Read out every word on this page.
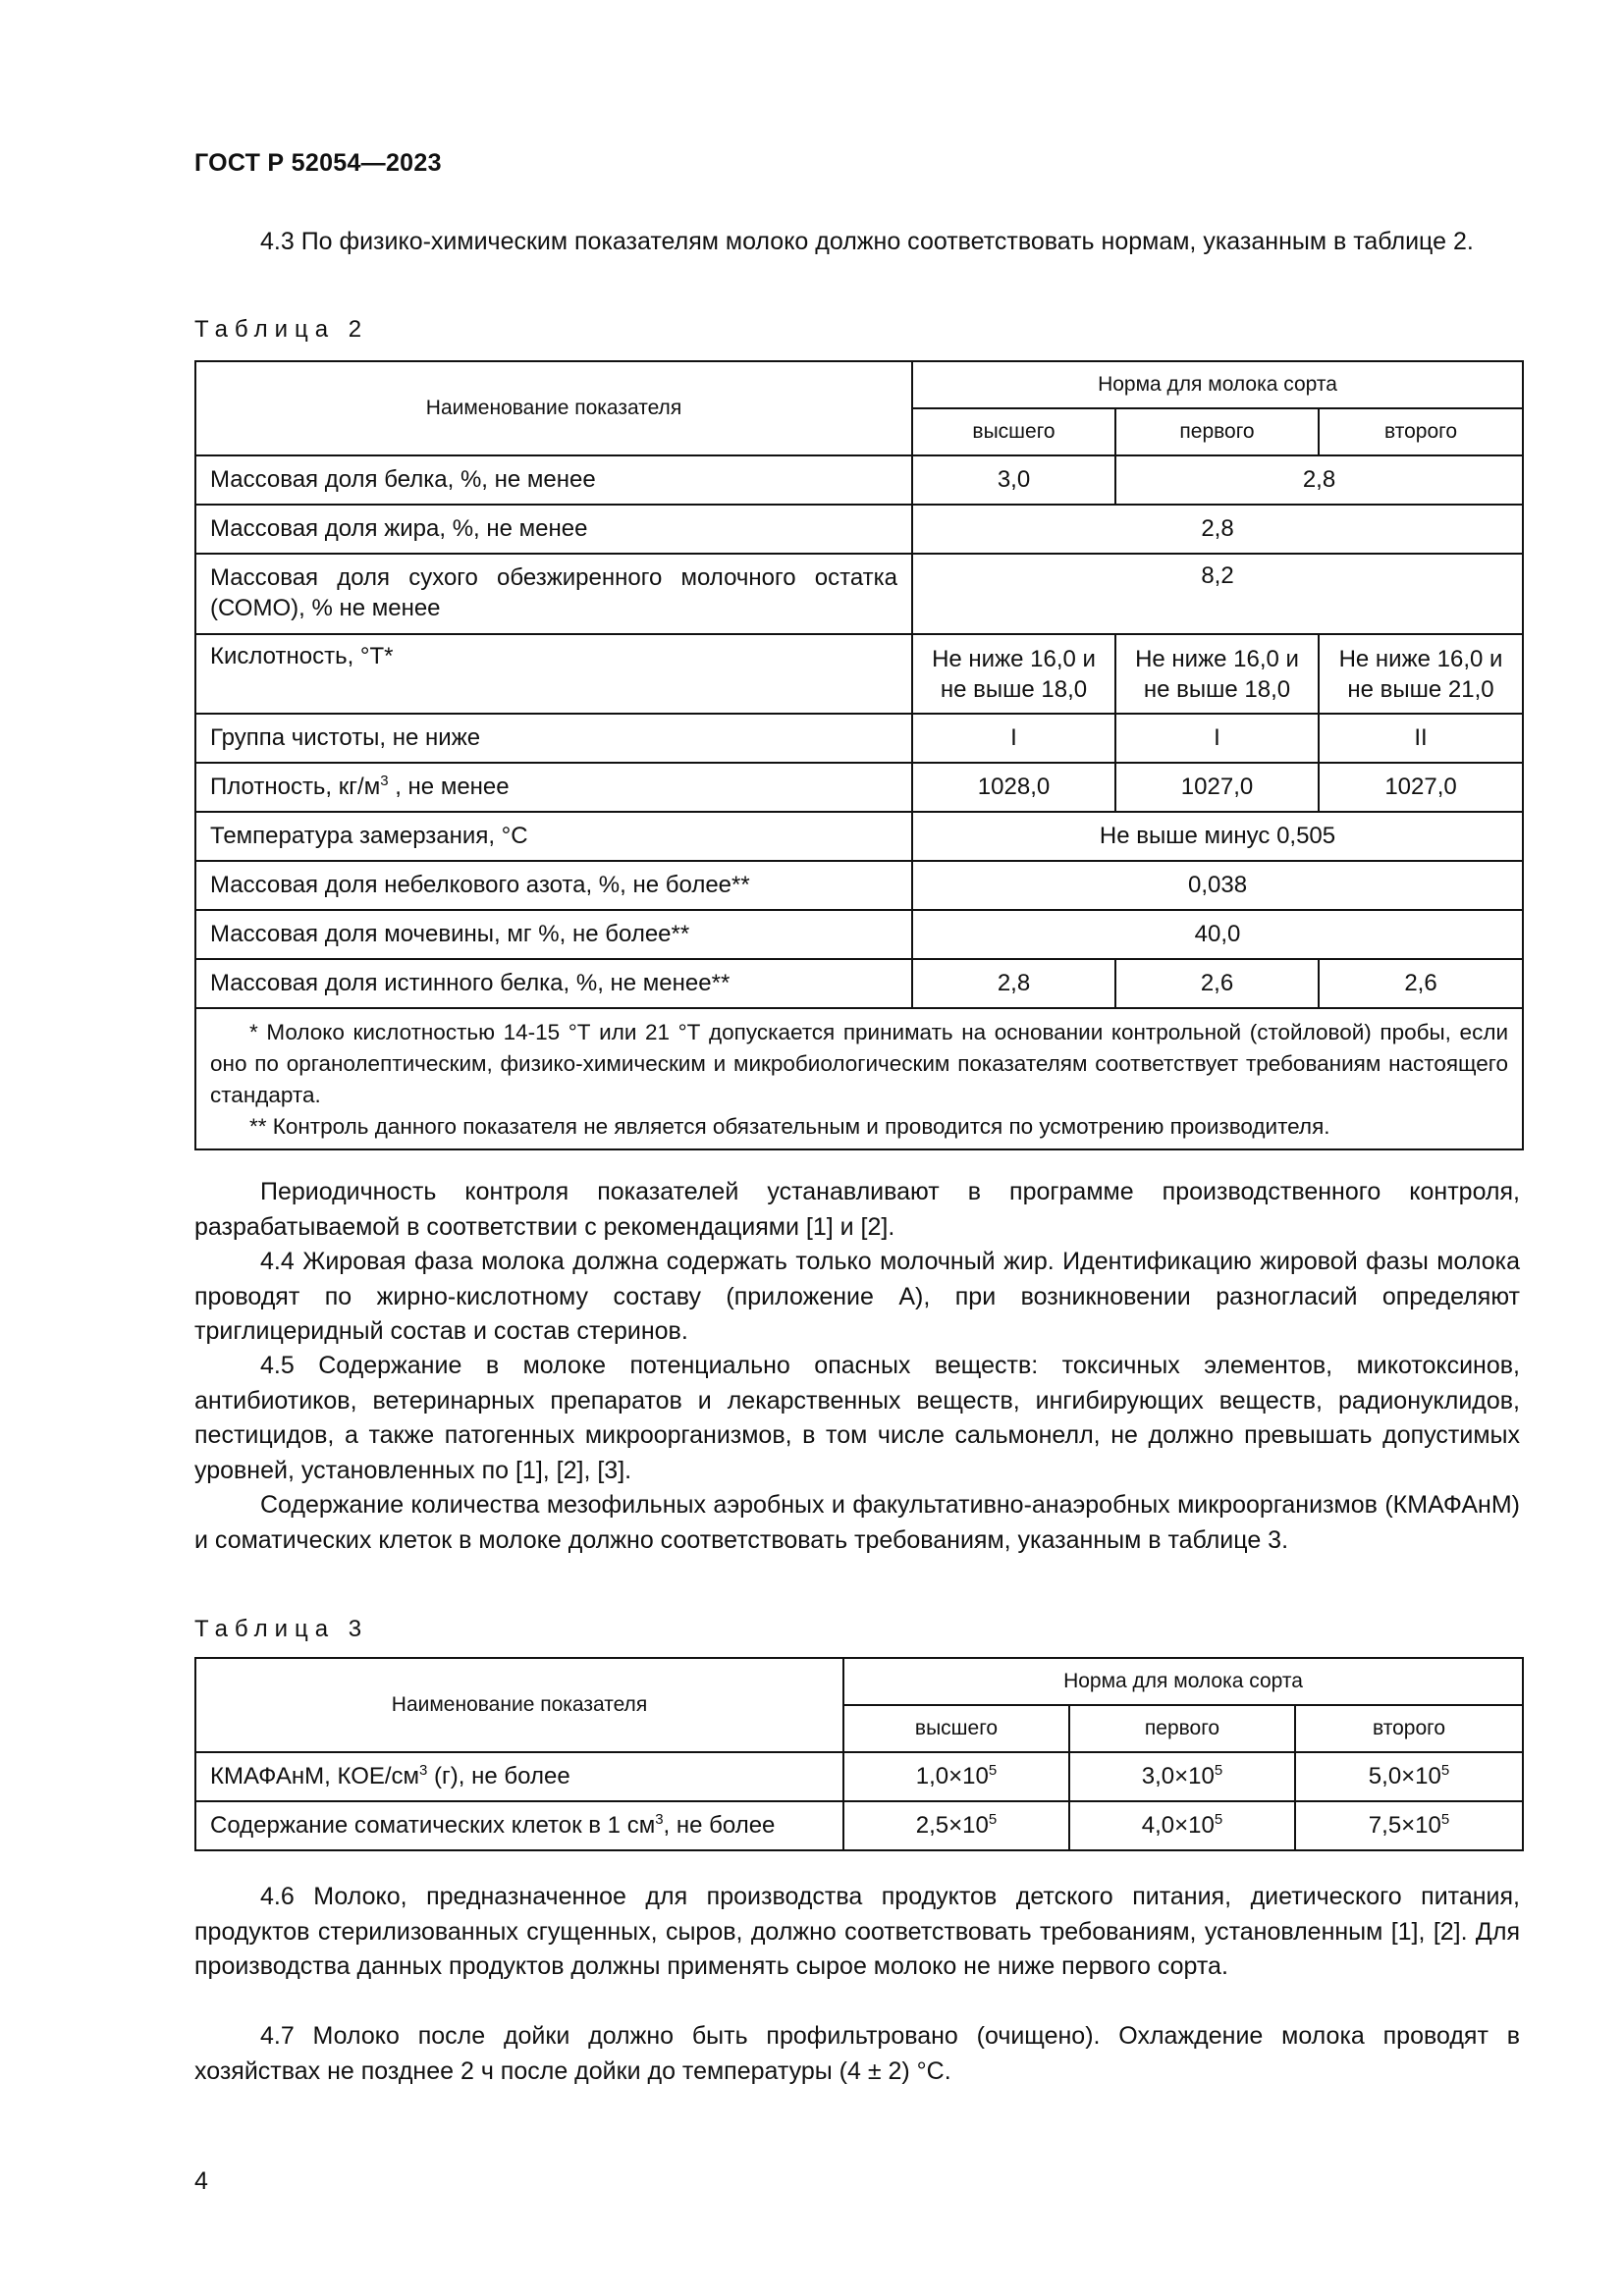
ГОСТ Р 52054—2023

4.3 По физико-химическим показателям молоко должно соответствовать нормам, указанным в таблице 2.

Таблица 2
Наименование показателя	Норма для молока сорта		
	высшего	первого	второго
Массовая доля белка, %, не менее	3,0	2,8	
Массовая доля жира, %, не менее	2,8		
Массовая доля сухого обезжиренного молочного остатка (СОМО), % не менее	8,2		
Кислотность, °Т*	Не ниже 16,0 и не выше 18,0	Не ниже 16,0 и не выше 18,0	Не ниже 16,0 и не выше 21,0
Группа чистоты, не ниже	I	I	II
Плотность, $кг/м^3$ , не менее	1028,0	1027,0	1027,0
Температура замерзания, °С	Не выше минус 0,505		
Массовая доля небелкового азота, %, не более**	0,038		
Массовая доля мочевины, мг %, не более**	40,0		
Массовая доля истинного белка, %, не менее**	2,8	2,6	2,6

* Молоко кислотностью 14-15 °Т или 21 °Т допускается принимать на основании контрольной (стойловой) пробы, если оно по органолептическим, физико-химическим и микробиологическим показателям соответствует требованиям настоящего стандарта.
** Контроль данного показателя не является обязательным и проводится по усмотрению производителя.			

Периодичность контроля показателей устанавливают в программе производственного контроля, разрабатываемой в соответствии с рекомендациями [1] и [2].

4.4 Жировая фаза молока должна содержать только молочный жир. Идентификацию жировой фазы молока проводят по жирно-кислотному составу (приложение А), при возникновении разногласий определяют триглицеридный состав и состав стеринов.

4.5 Содержание в молоке потенциально опасных веществ: токсичных элементов, микотоксинов, антибиотиков, ветеринарных препаратов и лекарственных веществ, ингибирующих веществ, радионуклидов, пестицидов, а также патогенных микроорганизмов, в том числе сальмонелл, не должно превышать допустимых уровней, установленных по [1], [2], [3].

Содержание количества мезофильных аэробных и факультативно-анаэробных микроорганизмов (КМАФАнМ) и соматических клеток в молоке должно соответствовать требованиям, указанным в таблице 3.

Таблица 3
Наименование показателя	Норма для молока сорта		
	высшего	первого	второго
КМАФАнМ, КОЕ/$см^3$ (г), не более	$1,0\times 10^5$	$3,0\times 10^5$	$5,0\times 10^5$
Содержание соматических клеток в 1 $см^3$, не более	$2,5\times 10^5$	$4,0\times 10^5$	$7,5\times 10^5$

4.6 Молоко, предназначенное для производства продуктов детского питания, диетического питания, продуктов стерилизованных сгущенных, сыров, должно соответствовать требованиям, установленным [1], [2]. Для производства данных продуктов должны применять сырое молоко не ниже первого сорта.

4.7 Молоко после дойки должно быть профильтровано (очищено). Охлаждение молока проводят в хозяйствах не позднее 2 ч после дойки до температуры (4 ± 2) °С.

4
